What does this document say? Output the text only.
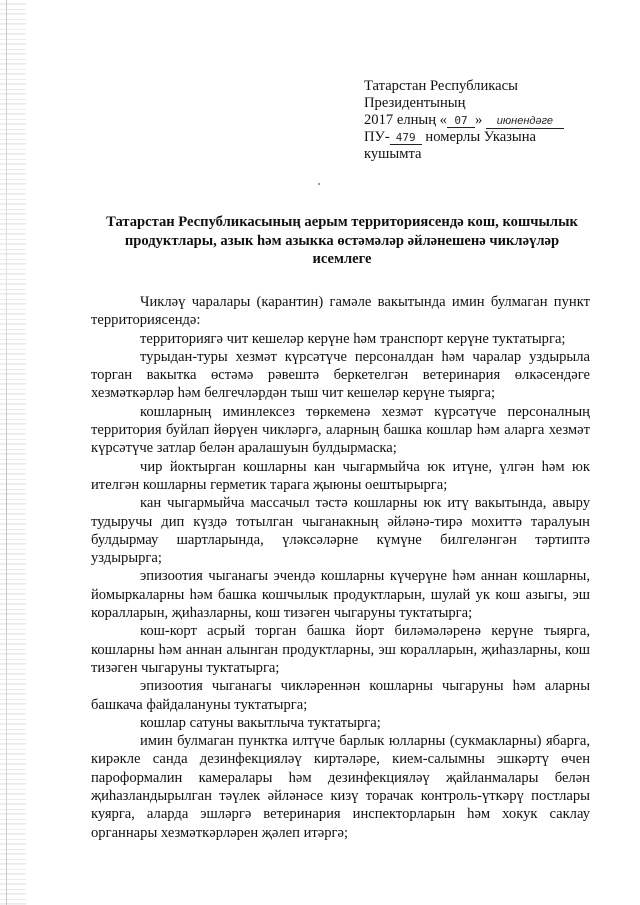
Татарстан Республикасы
Президентының
2017 елның « 07 » июнендәге
ПУ- 479 номерлы Указына
кушымта
Татарстан Республикасының аерым территориясендә кош, кошчылык продуктлары, азык һәм азыкка өстәмәләр әйләнешенә чикләүләр исемлеге

Чикләү чаралары (карантин) гамәле вакытында имин булмаган пункт территориясендә:

территориягә чит кешеләр керүне һәм транспорт керүне туктатырга;

турыдан-туры хезмәт күрсәтүче персоналдан һәм чаралар уздырыла торган вакытка өстәмә рәвештә беркетелгән ветеринария өлкәсендәге хезмәткәрләр һәм белгечләрдән тыш чит кешеләр керүне тыярга;

кошларның иминлексез төркеменә хезмәт күрсәтүче персоналның территория буйлап йөрүен чикләргә, аларның башка кошлар һәм аларга хезмәт күрсәтүче затлар белән аралашуын булдырмаска;

чир йоктырган кошларны кан чыгармыйча юк итүне, үлгән һәм юк ителгән кошларны герметик тарага җыюны оештырырга;

кан чыгармыйча массачыл тәстә кошларны юк итү вакытында, авыру тудыручы дип күздә тотылган чыганакның әйләнә-тирә мохиттә таралуын булдырмау шартларында, үләксәләрне күмүне билгеләнгән тәртиптә уздырырга;

эпизоотия чыганагы эчендә кошларны күчерүне һәм аннан кошларны, йомыркаларны һәм башка кошчылык продуктларын, шулай ук кош азыгы, эш коралларын, җиһазларны, кош тизәген чыгаруны туктатырга;

кош-корт асрый торган башка йорт биләмәләренә керүне тыярга, кошларны һәм аннан алынган продуктларны, эш коралларын, җиһазларны, кош тизәген чыгаруны туктатырга;

эпизоотия чыганагы чикләреннән кошларны чыгаруны һәм аларны башкача файдалануны туктатырга;

кошлар сатуны вакытлыча туктатырга;

имин булмаган пунктка илтүче барлык юлларны (сукмакларны) ябарга, кирәкле санда дезинфекцияләү киртәләре, кием-салымны эшкәртү өчен пароформалин камералары һәм дезинфекцияләү җайланмалары белән җиһазландырылган тәүлек әйләнәсе кизү торачак контроль-үткәрү постлары куярга, аларда эшләргә ветеринария инспекторларын һәм хокук саклау органнары хезмәткәрләрен җәлеп итәргә;
